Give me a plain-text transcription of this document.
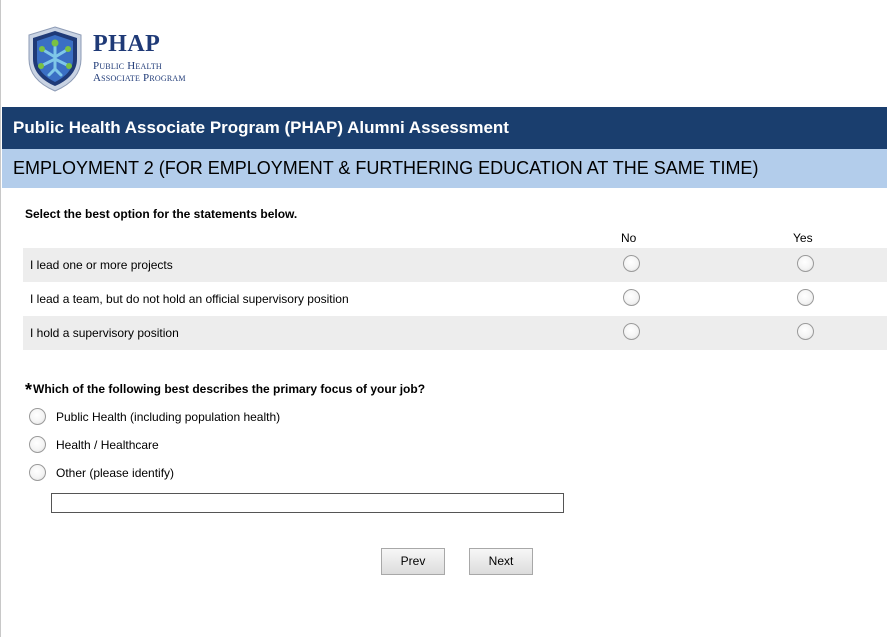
PHAP
Public Health
Associate Program
Public Health Associate Program (PHAP) Alumni Assessment
EMPLOYMENT 2 (FOR EMPLOYMENT & FURTHERING EDUCATION AT THE SAME TIME)
Select the best option for the statements below.
No	Yes
I lead one or more projects
I lead a team, but do not hold an official supervisory position
I hold a supervisory position
*Which of the following best describes the primary focus of your job?
Public Health (including population health)
Health / Healthcare
Other (please identify)
Prev	Next
